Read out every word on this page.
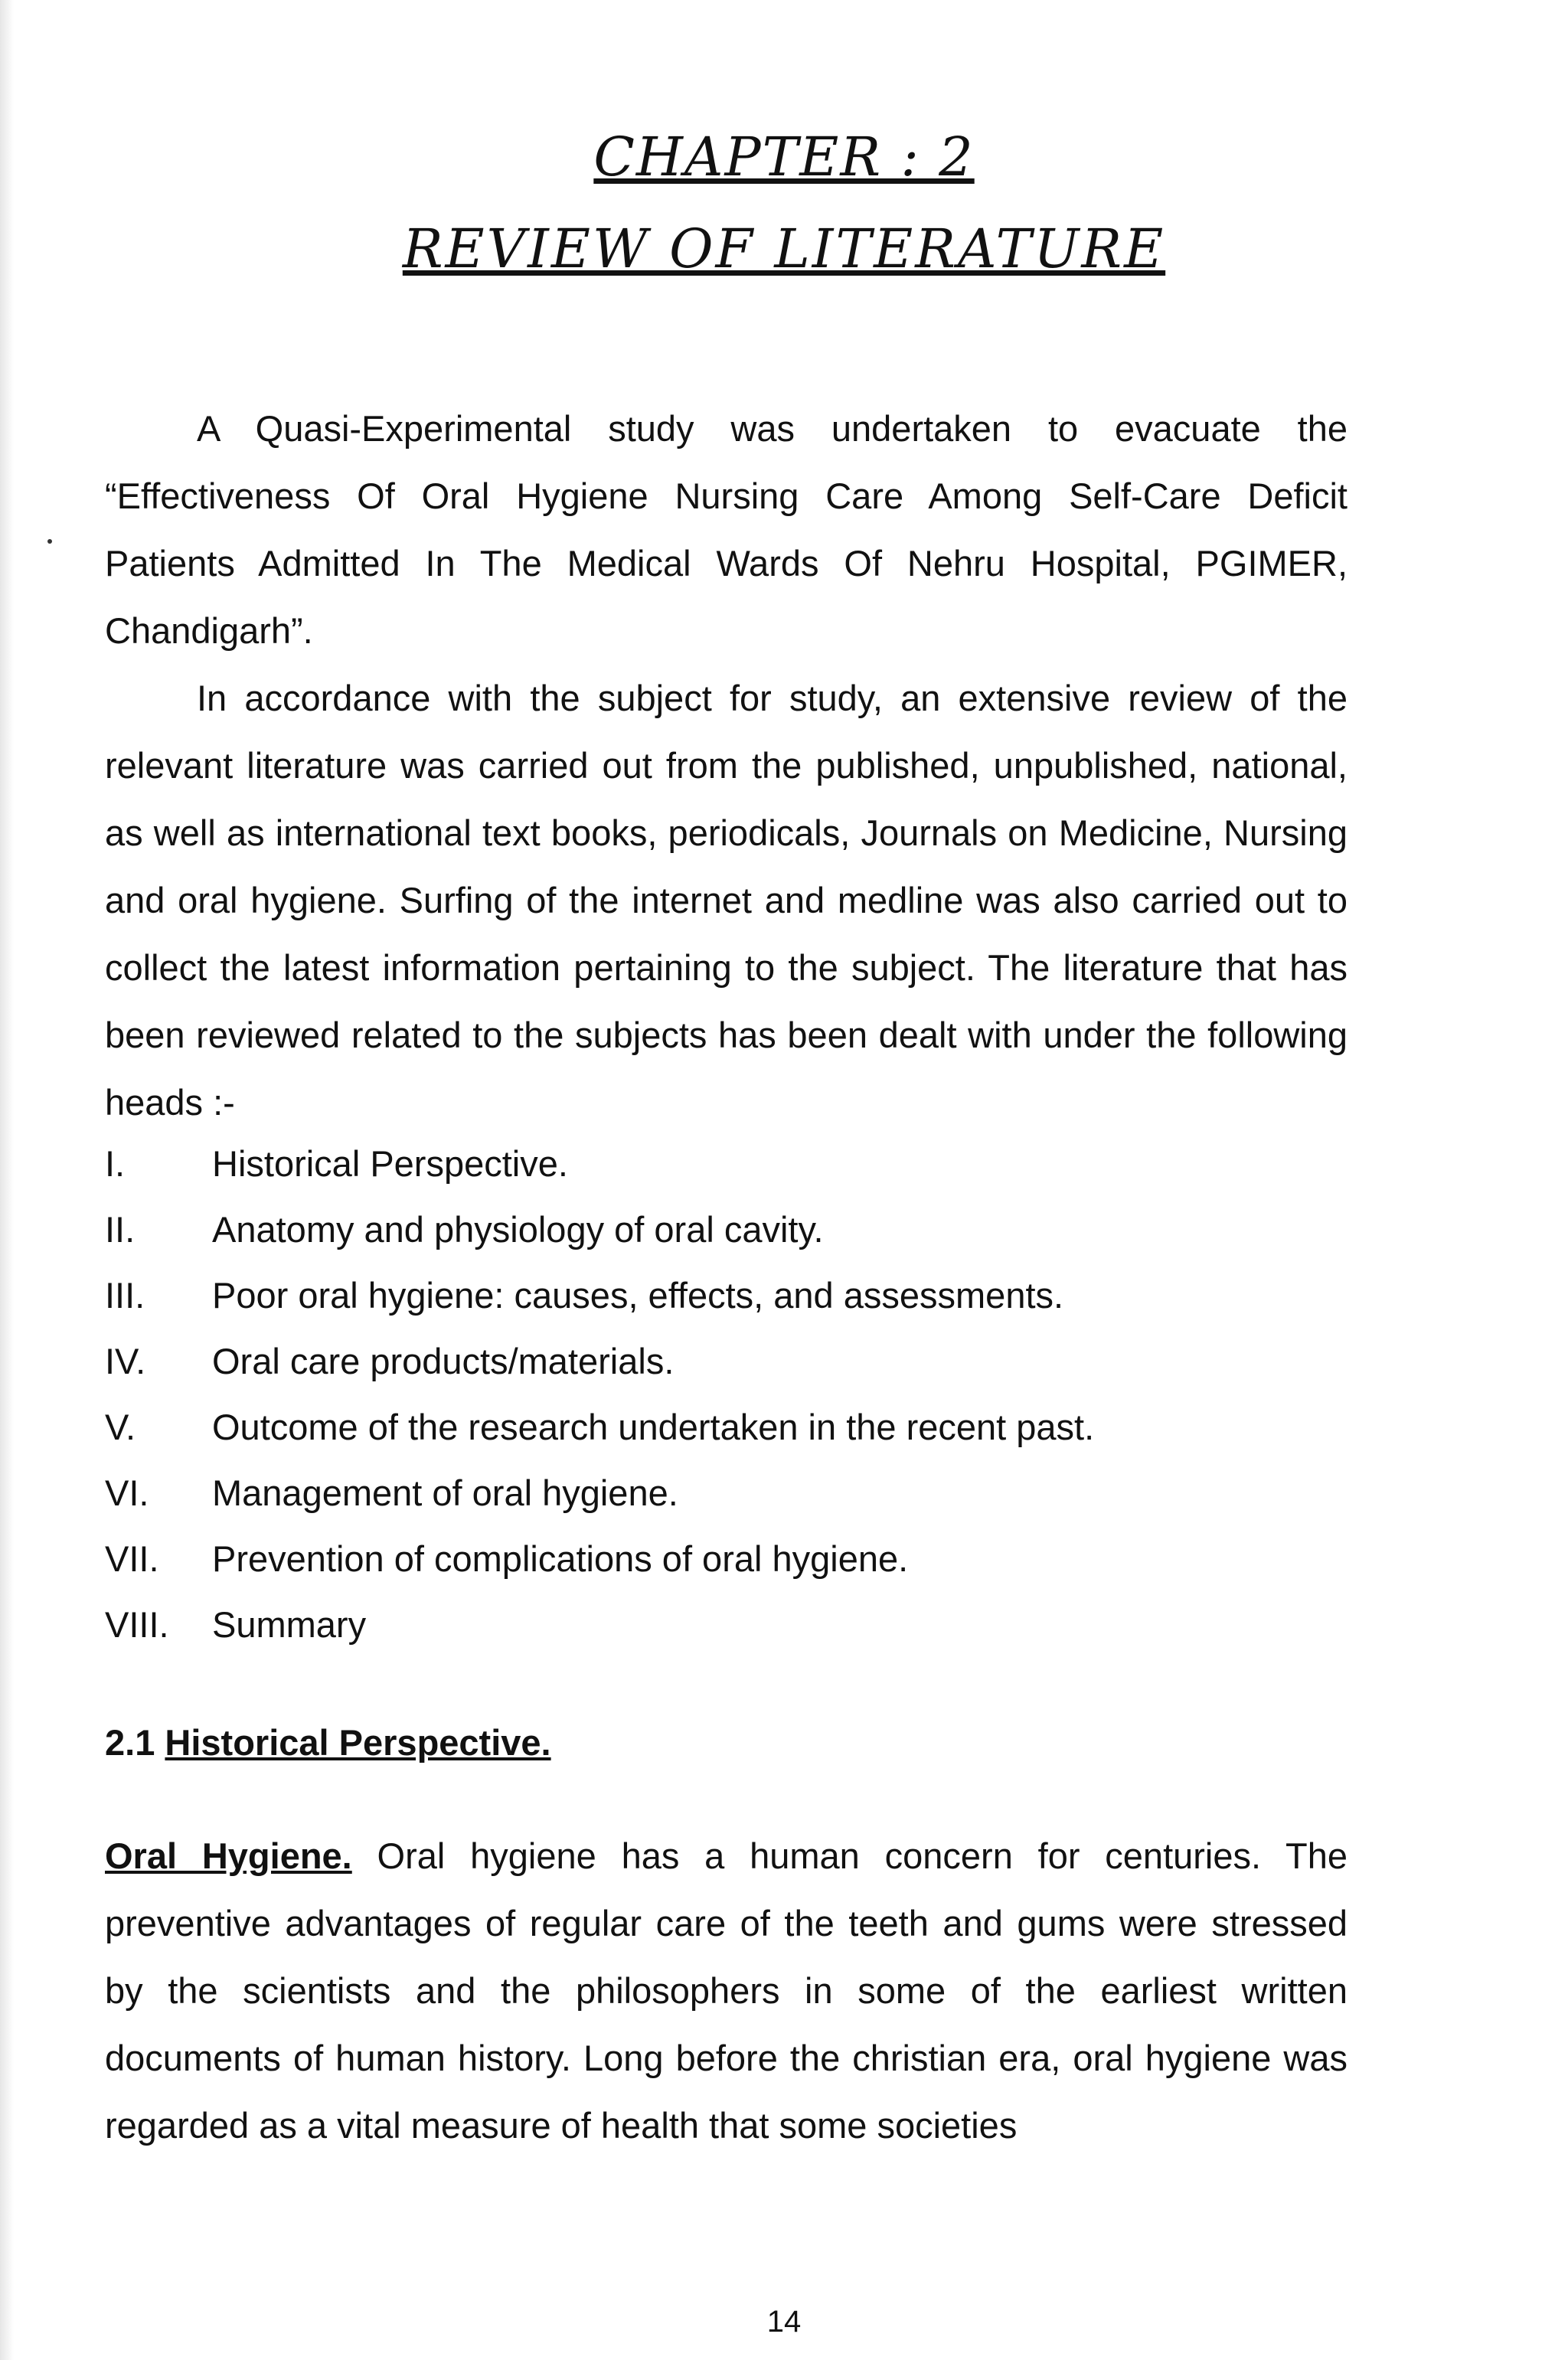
CHAPTER : 2
REVIEW OF LITERATURE

A Quasi-Experimental study was undertaken to evacuate the “Effectiveness Of Oral Hygiene Nursing Care Among Self-Care Deficit Patients Admitted In The Medical Wards Of Nehru Hospital, PGIMER, Chandigarh”.

In accordance with the subject for study, an extensive review of the relevant literature was carried out from the published, unpublished, national, as well as international text books, periodicals, Journals on Medicine, Nursing and oral hygiene. Surfing of the internet and medline was also carried out to collect the latest information pertaining to the subject. The literature that has been reviewed related to the subjects has been dealt with under the following heads :-

I.	Historical Perspective.
II.	Anatomy and physiology of oral cavity.
III.	Poor oral hygiene: causes, effects, and assessments.
IV.	Oral care products/materials.
V.	Outcome of the research undertaken in the recent past.
VI.	Management of oral hygiene.
VII.	Prevention of complications of oral hygiene.
VIII.	Summary
2.1 Historical Perspective.

Oral Hygiene. Oral hygiene has a human concern for centuries. The preventive advantages of regular care of the teeth and gums were stressed by the scientists and the philosophers in some of the earliest written documents of human history. Long before the christian era, oral hygiene was regarded as a vital measure of health that some societies

14
